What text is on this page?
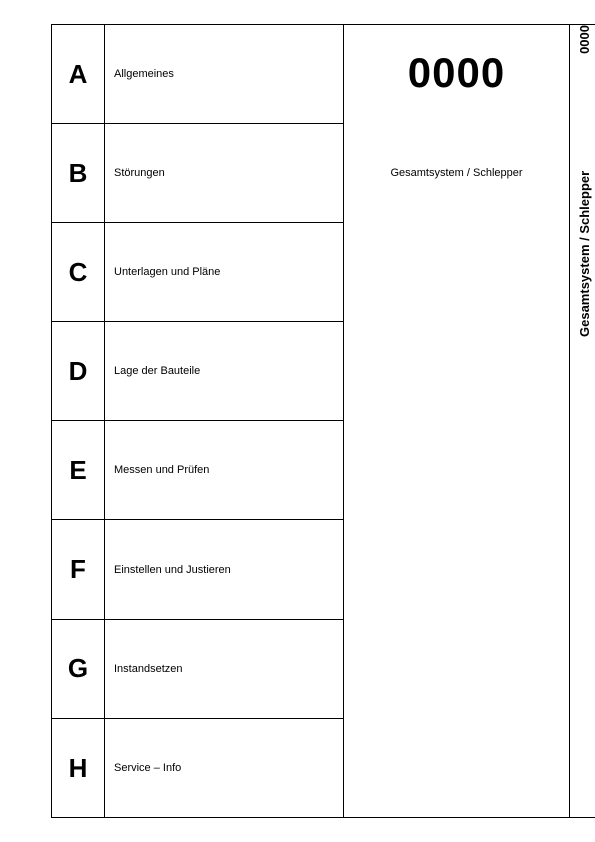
A	Allgemeines
B	Störungen
C	Unterlagen und Pläne
D	Lage der Bauteile
E	Messen und Prüfen
F	Einstellen und Justieren
G	Instandsetzen
H	Service – Info
0000
Gesamtsystem / Schlepper	Gesamtsystem / Schlepper
0000
